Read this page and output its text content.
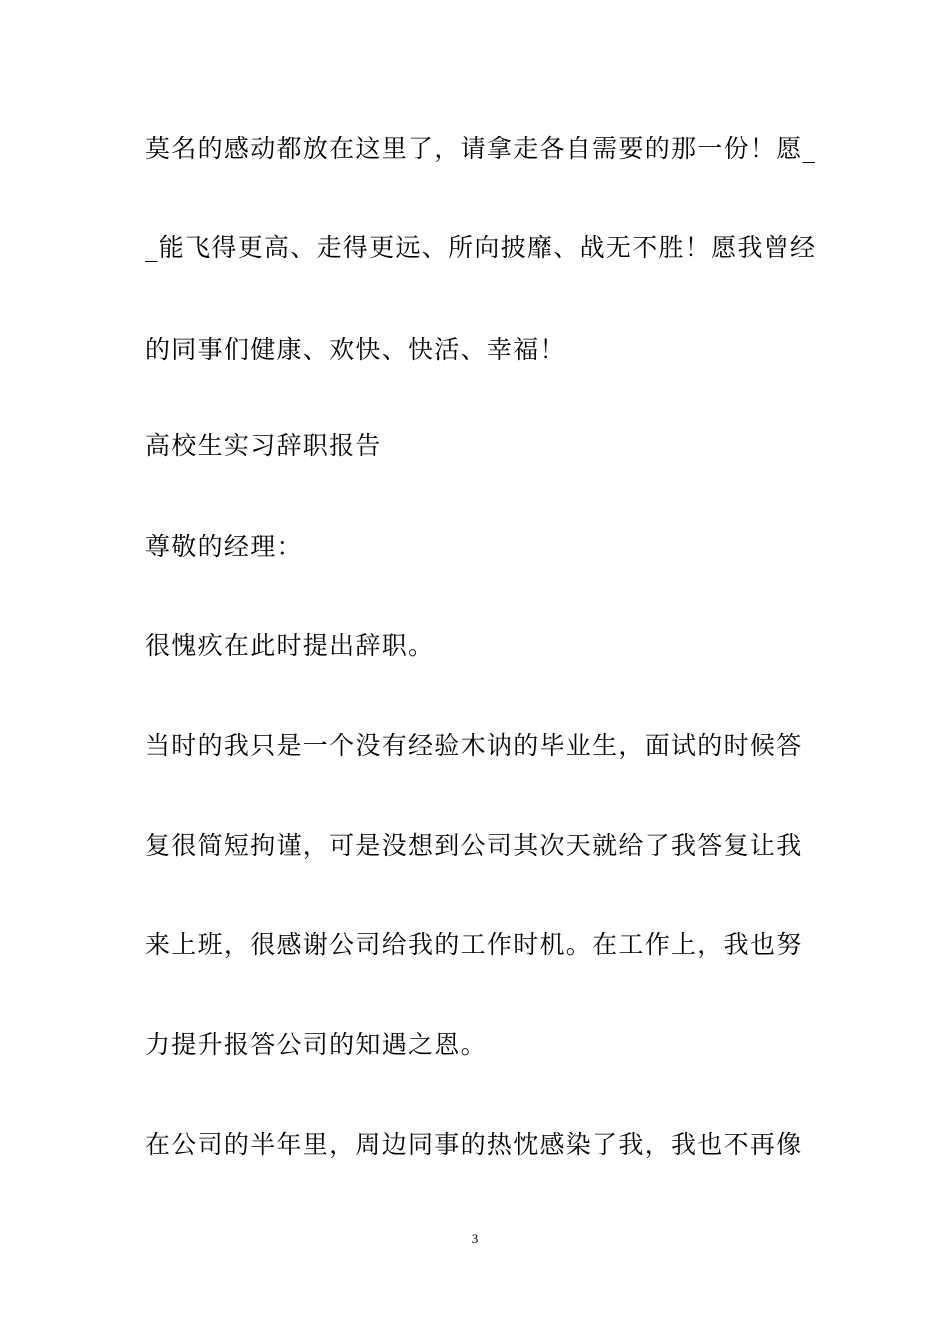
莫名的感动都放在这里了，请拿走各自需要的那一份！愿_
_能飞得更高、走得更远、所向披靡、战无不胜！愿我曾经
的同事们健康、欢快、快活、幸福！
高校生实习辞职报告
尊敬的经理：
很愧疚在此时提出辞职。
当时的我只是一个没有经验木讷的毕业生，面试的时候答
复很简短拘谨，可是没想到公司其次天就给了我答复让我
来上班，很感谢公司给我的工作时机。在工作上，我也努
力提升报答公司的知遇之恩。
在公司的半年里，周边同事的热忱感染了我，我也不再像
3
